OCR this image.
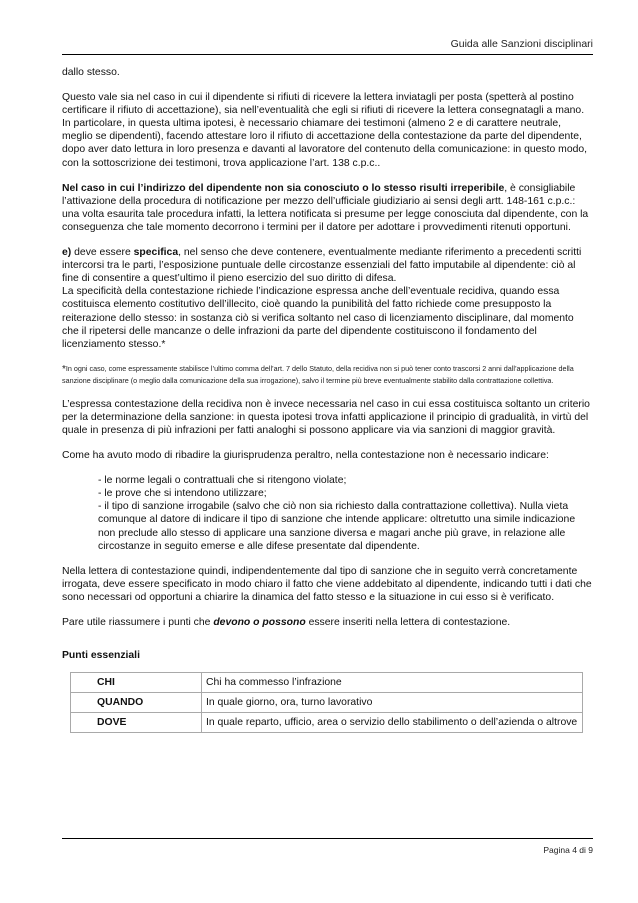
Guida alle Sanzioni disciplinari

dallo stesso.

Questo vale sia nel caso in cui il dipendente si rifiuti di ricevere la lettera inviatagli per posta (spetterà al postino certificare il rifiuto di accettazione), sia nell’eventualità che egli si rifiuti di ricevere la lettera consegnatagli a mano.

In particolare, in questa ultima ipotesi, è necessario chiamare dei testimoni (almeno 2 e di carattere neutrale, meglio se dipendenti), facendo attestare loro il rifiuto di accettazione della contestazione da parte del dipendente, dopo aver dato lettura in loro presenza e davanti al lavoratore del contenuto della comunicazione: in questo modo, con la sottoscrizione dei testimoni, trova applicazione l’art. 138 c.p.c..

Nel caso in cui l’indirizzo del dipendente non sia conosciuto o lo stesso risulti irreperibile, è consigliabile l’attivazione della procedura di notificazione per mezzo dell’ufficiale giudiziario ai sensi degli artt. 148-161 c.p.c.: una volta esaurita tale procedura infatti, la lettera notificata si presume per legge conosciuta dal dipendente, con la conseguenza che tale momento decorrono i termini per il datore per adottare i provvedimenti ritenuti opportuni.

e) deve essere specifica, nel senso che deve contenere, eventualmente mediante riferimento a precedenti scritti intercorsi tra le parti, l’esposizione puntuale delle circostanze essenziali del fatto imputabile al dipendente: ciò al fine di consentire a quest’ultimo il pieno esercizio del suo diritto di difesa.

La specificità della contestazione richiede l’indicazione espressa anche dell’eventuale recidiva, quando essa costituisca elemento costitutivo dell’illecito, cioè quando la punibilità del fatto richiede come presupposto la reiterazione dello stesso: in sostanza ciò si verifica soltanto nel caso di licenziamento disciplinare, dal momento che il ripetersi delle mancanze o delle infrazioni da parte del dipendente costituiscono il fondamento del licenziamento stesso.*

*In ogni caso, come espressamente stabilisce l’ultimo comma dell’art. 7 dello Statuto, della recidiva non si può tener conto trascorsi 2 anni dall’applicazione della sanzione disciplinare (o meglio dalla comunicazione della sua irrogazione), salvo il termine più breve eventualmente stabilito dalla contrattazione collettiva.

L’espressa contestazione della recidiva non è invece necessaria nel caso in cui essa costituisca soltanto un criterio per la determinazione della sanzione: in questa ipotesi trova infatti applicazione il principio di gradualità, in virtù del quale in presenza di più infrazioni per fatti analoghi si possono applicare via via sanzioni di maggior gravità.

Come ha avuto modo di ribadire la giurisprudenza peraltro, nella contestazione non è necessario indicare:

- le norme legali o contrattuali che si ritengono violate;
- le prove che si intendono utilizzare;
- il tipo di sanzione irrogabile (salvo che ciò non sia richiesto dalla contrattazione collettiva). Nulla vieta comunque al datore di indicare il tipo di sanzione che intende applicare: oltretutto una simile indicazione non preclude allo stesso di applicare una sanzione diversa e magari anche più grave, in relazione alle circostanze in seguito emerse e alle difese presentate dal dipendente.

Nella lettera di contestazione quindi, indipendentemente dal tipo di sanzione che in seguito verrà concretamente irrogata, deve essere specificato in modo chiaro il fatto che viene addebitato al dipendente, indicando tutti i dati che sono necessari od opportuni a chiarire la dinamica del fatto stesso e la situazione in cui esso si è verificato.

Pare utile riassumere i punti che devono o possono essere inseriti nella lettera di contestazione.

Punti essenziali
CHI	Chi ha commesso l’infrazione
QUANDO	In quale giorno, ora, turno lavorativo
DOVE	In quale reparto, ufficio, area o servizio dello stabilimento o dell’azienda o altrove
Pagina 4 di 9
